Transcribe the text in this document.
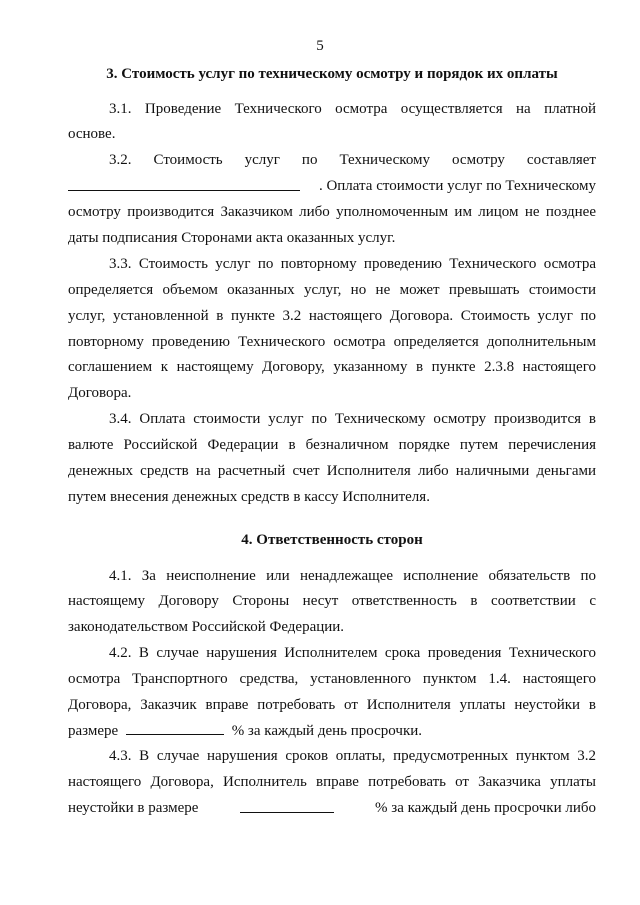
5
3. Стоимость услуг по техническому осмотру и порядок их оплаты
3.1. Проведение Технического осмотра осуществляется на платной
основе.
3.2. Стоимость услуг по Техническому осмотру составляет
. Оплата стоимости услуг по Техническому
осмотру производится Заказчиком либо уполномоченным им лицом не позднее
даты подписания Сторонами акта оказанных услуг.
3.3. Стоимость услуг по повторному проведению Технического осмотра
определяется объемом оказанных услуг, но не может превышать стоимости
услуг, установленной в пункте 3.2 настоящего Договора. Стоимость услуг по
повторному проведению Технического осмотра определяется дополнительным
соглашением к настоящему Договору, указанному в пункте 2.3.8 настоящего
Договора.
3.4. Оплата стоимости услуг по Техническому осмотру производится в
валюте Российской Федерации в безналичном порядке путем перечисления
денежных средств на расчетный счет Исполнителя либо наличными деньгами
путем внесения денежных средств в кассу Исполнителя.
4. Ответственность сторон
4.1. За неисполнение или ненадлежащее исполнение обязательств по
настоящему Договору Стороны несут ответственность в соответствии с
законодательством Российской Федерации.
4.2. В случае нарушения Исполнителем срока проведения Технического
осмотра Транспортного средства, установленного пунктом 1.4. настоящего
Договора, Заказчик вправе потребовать от Исполнителя уплаты неустойки в
размере	% за каждый день просрочки.
4.3. В случае нарушения сроков оплаты, предусмотренных пунктом 3.2
настоящего Договора, Исполнитель вправе потребовать от Заказчика уплаты
неустойки в размере	% за каждый день просрочки либо
